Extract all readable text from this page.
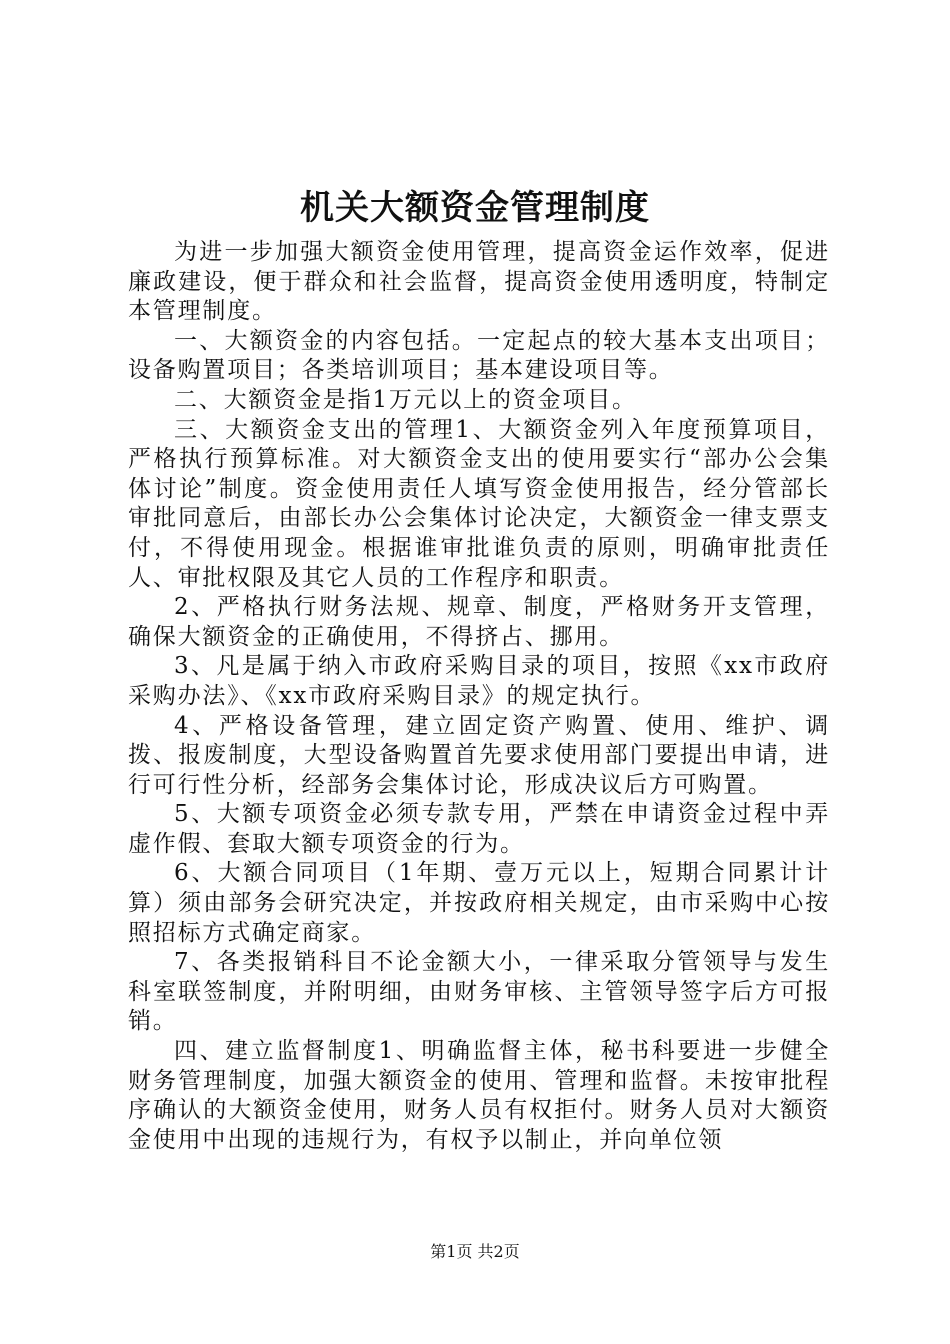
机关大额资金管理制度

为进一步加强大额资金使用管理，提高资金运作效率，促进廉政建设，便于群众和社会监督，提高资金使用透明度，特制定本管理制度。

一、大额资金的内容包括。一定起点的较大基本支出项目；设备购置项目；各类培训项目；基本建设项目等。

二、大额资金是指1万元以上的资金项目。

三、大额资金支出的管理1、大额资金列入年度预算项目，严格执行预算标准。对大额资金支出的使用要实行“部办公会集体讨论”制度。资金使用责任人填写资金使用报告，经分管部长审批同意后，由部长办公会集体讨论决定，大额资金一律支票支付，不得使用现金。根据谁审批谁负责的原则，明确审批责任人、审批权限及其它人员的工作程序和职责。

2、严格执行财务法规、规章、制度，严格财务开支管理，确保大额资金的正确使用，不得挤占、挪用。

3、凡是属于纳入市政府采购目录的项目，按照《xx市政府采购办法》、《xx市政府采购目录》的规定执行。

4、严格设备管理，建立固定资产购置、使用、维护、调拨、报废制度，大型设备购置首先要求使用部门要提出申请，进行可行性分析，经部务会集体讨论，形成决议后方可购置。

5、大额专项资金必须专款专用，严禁在申请资金过程中弄虚作假、套取大额专项资金的行为。

6、大额合同项目（1年期、壹万元以上，短期合同累计计算）须由部务会研究决定，并按政府相关规定，由市采购中心按照招标方式确定商家。

7、各类报销科目不论金额大小，一律采取分管领导与发生科室联签制度，并附明细，由财务审核、主管领导签字后方可报销。

四、建立监督制度1、明确监督主体，秘书科要进一步健全财务管理制度，加强大额资金的使用、管理和监督。未按审批程序确认的大额资金使用，财务人员有权拒付。财务人员对大额资金使用中出现的违规行为，有权予以制止，并向单位领

第1页 共2页
